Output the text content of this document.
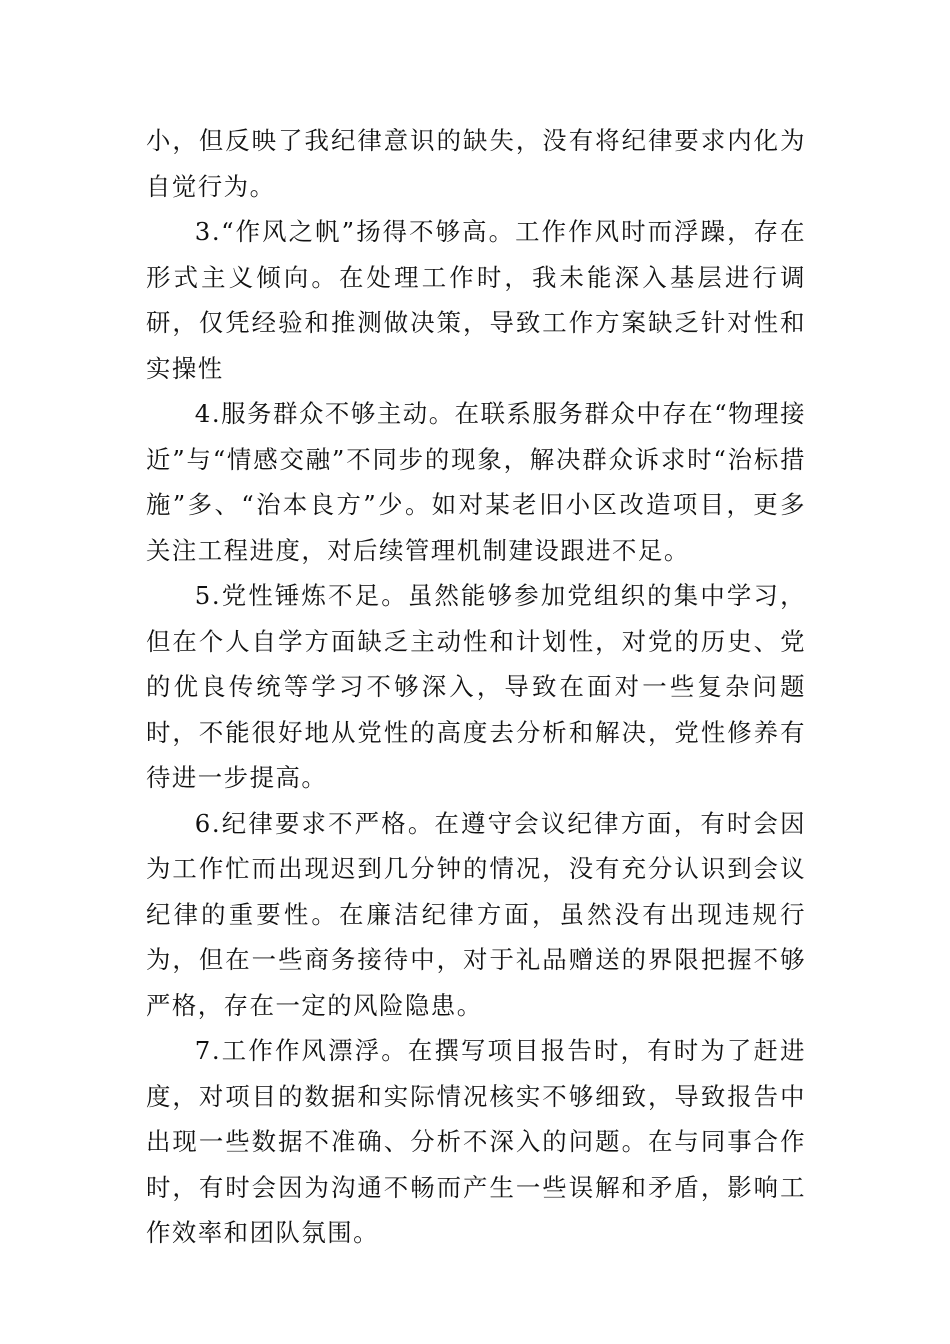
小，但反映了我纪律意识的缺失，没有将纪律要求内化为自觉行为。

3.“作风之帆”扬得不够高。工作作风时而浮躁，存在形式主义倾向。在处理工作时，我未能深入基层进行调研，仅凭经验和推测做决策，导致工作方案缺乏针对性和实操性

4.服务群众不够主动。在联系服务群众中存在“物理接近”与“情感交融”不同步的现象，解决群众诉求时“治标措施”多、“治本良方”少。如对某老旧小区改造项目，更多关注工程进度，对后续管理机制建设跟进不足。

5.党性锤炼不足。虽然能够参加党组织的集中学习，但在个人自学方面缺乏主动性和计划性，对党的历史、党的优良传统等学习不够深入，导致在面对一些复杂问题时，不能很好地从党性的高度去分析和解决，党性修养有待进一步提高。

6.纪律要求不严格。在遵守会议纪律方面，有时会因为工作忙而出现迟到几分钟的情况，没有充分认识到会议纪律的重要性。在廉洁纪律方面，虽然没有出现违规行为，但在一些商务接待中，对于礼品赠送的界限把握不够严格，存在一定的风险隐患。

7.工作作风漂浮。在撰写项目报告时，有时为了赶进度，对项目的数据和实际情况核实不够细致，导致报告中出现一些数据不准确、分析不深入的问题。在与同事合作时，有时会因为沟通不畅而产生一些误解和矛盾，影响工作效率和团队氛围。
